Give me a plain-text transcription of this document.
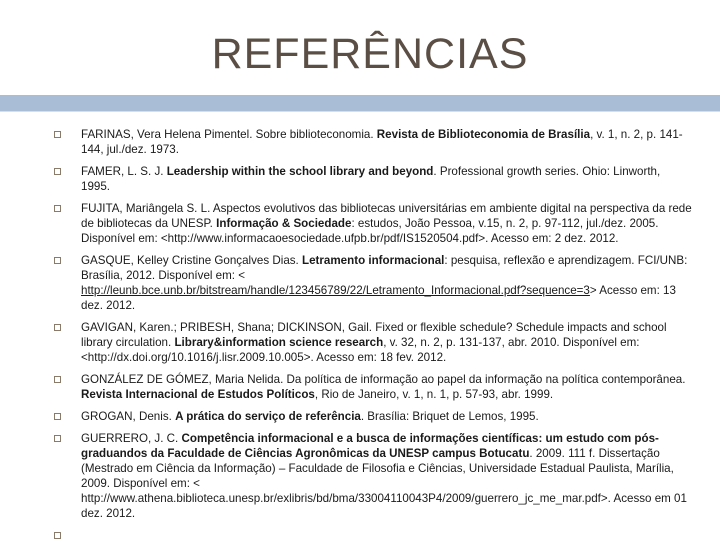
REFERÊNCIAS
FARINAS, Vera Helena Pimentel. Sobre biblioteconomia. Revista de Biblioteconomia de Brasília, v. 1, n. 2, p. 141-144, jul./dez. 1973.
FAMER, L. S. J. Leadership within the school library and beyond. Professional growth series. Ohio: Linworth, 1995.
FUJITA, Mariângela S. L. Aspectos evolutivos das bibliotecas universitárias em ambiente digital na perspectiva da rede de bibliotecas da UNESP. Informação & Sociedade: estudos, João Pessoa, v.15, n. 2, p. 97-112, jul./dez. 2005. Disponível em: <http://www.informacaoesociedade.ufpb.br/pdf/IS1520504.pdf>. Acesso em: 2 dez. 2012.
GASQUE, Kelley Cristine Gonçalves Dias. Letramento informacional: pesquisa, reflexão e aprendizagem. FCI/UNB: Brasília, 2012. Disponível em: < http://leunb.bce.unb.br/bitstream/handle/123456789/22/Letramento_Informacional.pdf?sequence=3> Acesso em: 13 dez. 2012.
GAVIGAN, Karen.; PRIBESH, Shana; DICKINSON, Gail. Fixed or flexible schedule? Schedule impacts and school library circulation. Library&information science research, v. 32, n. 2, p. 131-137, abr. 2010. Disponível em: <http://dx.doi.org/10.1016/j.lisr.2009.10.005>. Acesso em: 18 fev. 2012.
GONZÁLEZ DE GÓMEZ, Maria Nelida. Da política de informação ao papel da informação na política contemporânea. Revista Internacional de Estudos Políticos, Rio de Janeiro, v. 1, n. 1, p. 57-93, abr. 1999.
GROGAN, Denis. A prática do serviço de referência. Brasília: Briquet de Lemos, 1995.
GUERRERO, J. C. Competência informacional e a busca de informações científicas: um estudo com pós-graduandos da Faculdade de Ciências Agronômicas da UNESP campus Botucatu. 2009. 111 f. Dissertação (Mestrado em Ciência da Informação) – Faculdade de Filosofia e Ciências, Universidade Estadual Paulista, Marília, 2009. Disponível em: < http://www.athena.biblioteca.unesp.br/exlibris/bd/bma/33004110043P4/2009/guerrero_jc_me_mar.pdf>. Acesso em 01 dez. 2012.
